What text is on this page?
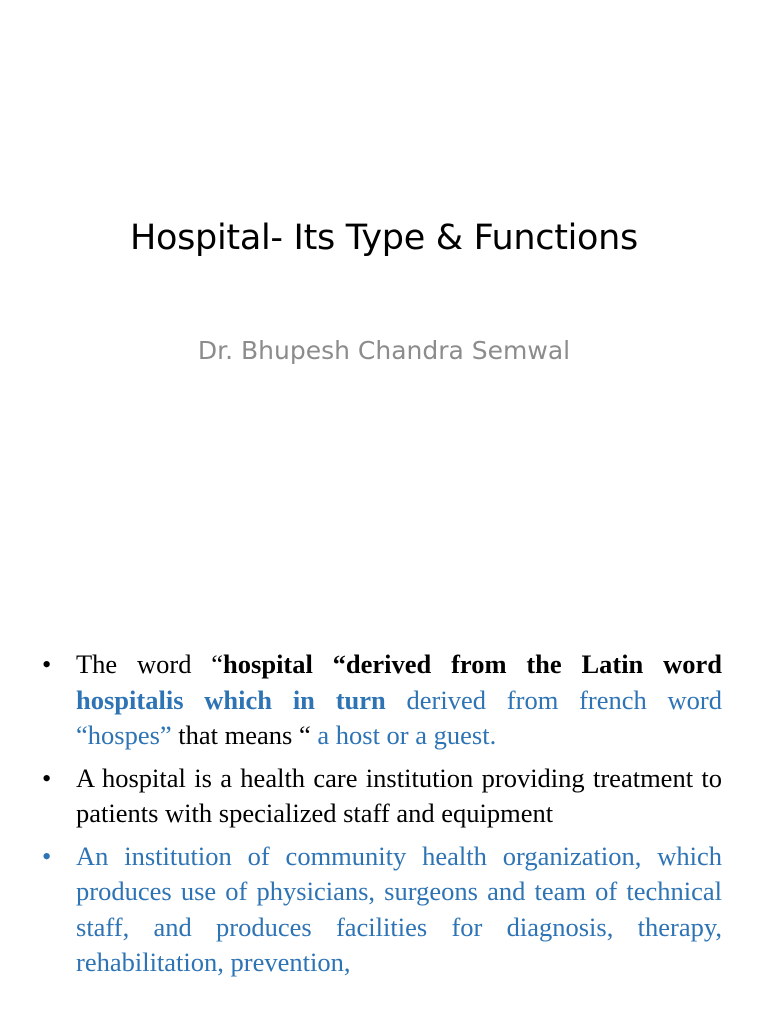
Hospital- Its Type & Functions
Dr. Bhupesh Chandra Semwal
• The word “hospital “derived from the Latin word hospitalis which in turn derived from french word “hospes” that means “ a host or a guest.
• A hospital is a health care institution providing treatment to patients with specialized staff and equipment
• An institution of community health organization, which produces use of physicians, surgeons and team of technical staff, and produces facilities for diagnosis, therapy, rehabilitation, prevention,
